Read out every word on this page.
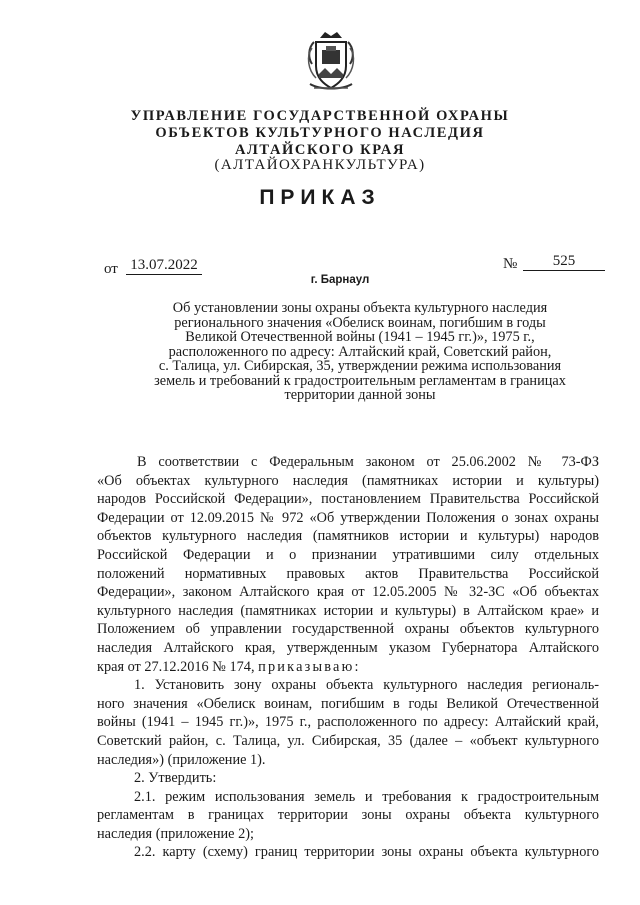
УПРАВЛЕНИЕ ГОСУДАРСТВЕННОЙ ОХРАНЫ
ОБЪЕКТОВ КУЛЬТУРНОГО НАСЛЕДИЯ
АЛТАЙСКОГО КРАЯ
(АЛТАЙОХРАНКУЛЬТУРА)
ПРИКАЗ
от 13.07.2022	№	525
г. Барнаул
Об установлении зоны охраны объекта культурного наследия
регионального значения «Обелиск воинам, погибшим в годы
Великой Отечественной войны (1941 – 1945 гг.)», 1975 г.,
расположенного по адресу: Алтайский край, Советский район,
с. Талица, ул. Сибирская, 35, утверждении режима использования
земель и требований к градостроительным регламентам в границах
территории данной зоны
В соответствии с Федеральным законом от 25.06.2002 № 73-ФЗ
«Об объектах культурного наследия (памятниках истории и культуры)
народов Российской Федерации», постановлением Правительства Российской
Федерации от 12.09.2015 № 972 «Об утверждении Положения о зонах охраны
объектов культурного наследия (памятников истории и культуры) народов
Российской Федерации и о признании утратившими силу отдельных
положений нормативных правовых актов Правительства Российской
Федерации», законом Алтайского края от 12.05.2005 № 32-ЗС «Об объектах
культурного наследия (памятниках истории и культуры) в Алтайском крае» и
Положением об управлении государственной охраны объектов культурного
наследия Алтайского края, утвержденным указом Губернатора Алтайского
края от 27.12.2016 № 174, приказываю:
1. Установить зону охраны объекта культурного наследия региональ-
ного значения «Обелиск воинам, погибшим в годы Великой Отечественной
войны (1941 – 1945 гг.)», 1975 г., расположенного по адресу: Алтайский край,
Советский район, с. Талица, ул. Сибирская, 35 (далее – «объект культурного
наследия») (приложение 1).
2. Утвердить:
2.1. режим использования земель и требования к градостроительным
регламентам в границах территории зоны охраны объекта культурного
наследия (приложение 2);
2.2. карту (схему) границ территории зоны охраны объекта культурного
